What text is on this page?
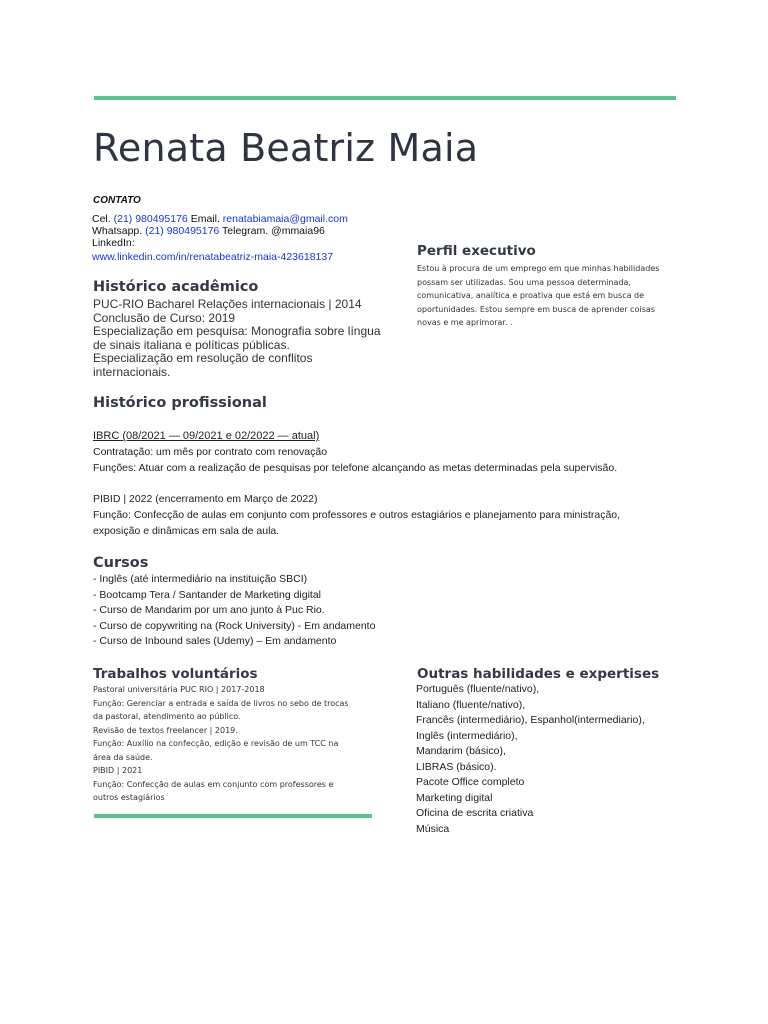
Renata Beatriz Maia
CONTATO
Cel. (21) 980495176 Email. renatabiamaia@gmail.com
Whatsapp. (21) 980495176 Telegram. @mmaia96
LinkedIn:
www.linkedin.com/in/renatabeatriz-maia-423618137	Perfil executivo
Estou à procura de um emprego em que minhas habilidades
possam ser utilizadas. Sou uma pessoa determinada,
comunicativa, analítica e proativa que está em busca de
oportunidades. Estou sempre em busca de aprender coisas
novas e me aprimorar. .
Histórico acadêmico

PUC-RIO Bacharel Relações internacionais | 2014

Conclusão de Curso: 2019

Especialização em pesquisa: Monografia sobre língua de sinais italiana e políticas públicas.

Especialização em resolução de conflitos internacionais.

Histórico profissional
IBRC (08/2021 — 09/2021 e 02/2022 — atual)
Contratação: um mês por contrato com renovação
Funções: Atuar com a realização de pesquisas por telefone alcançando as metas determinadas pela supervisão.
PIBID | 2022 (encerramento em Março de 2022)
Função: Confecção de aulas em conjunto com professores e outros estagiários e planejamento para ministração,
exposição e dinâmicas em sala de aula.
Cursos
- Inglês (até intermediário na instituição SBCI)
- Bootcamp Tera / Santander de Marketing digital
- Curso de Mandarim por um ano junto à Puc Rio.
- Curso de copywriting na (Rock University) - Em andamento
- Curso de Inbound sales (Udemy) – Em andamento
Trabalhos voluntários
Pastoral universitária PUC RIO | 2017-2018
Função: Gerenciar a entrada e saída de livros no sebo de trocas
da pastoral, atendimento ao público.
Revisão de textos freelancer | 2019.
Função: Auxílio na confecção, edição e revisão de um TCC na
área da saúde.
PIBID | 2021
Função: Confecção de aulas em conjunto com professores e
outros estagiários
Outras habilidades e expertises
Português (fluente/nativo),
Italiano (fluente/nativo),
Francês (intermediário), Espanhol(intermediario),
Inglês (intermediário),
Mandarim (básico),
LIBRAS (básico).
Pacote Office completo
Marketing digital
Oficina de escrita criativa
Música
